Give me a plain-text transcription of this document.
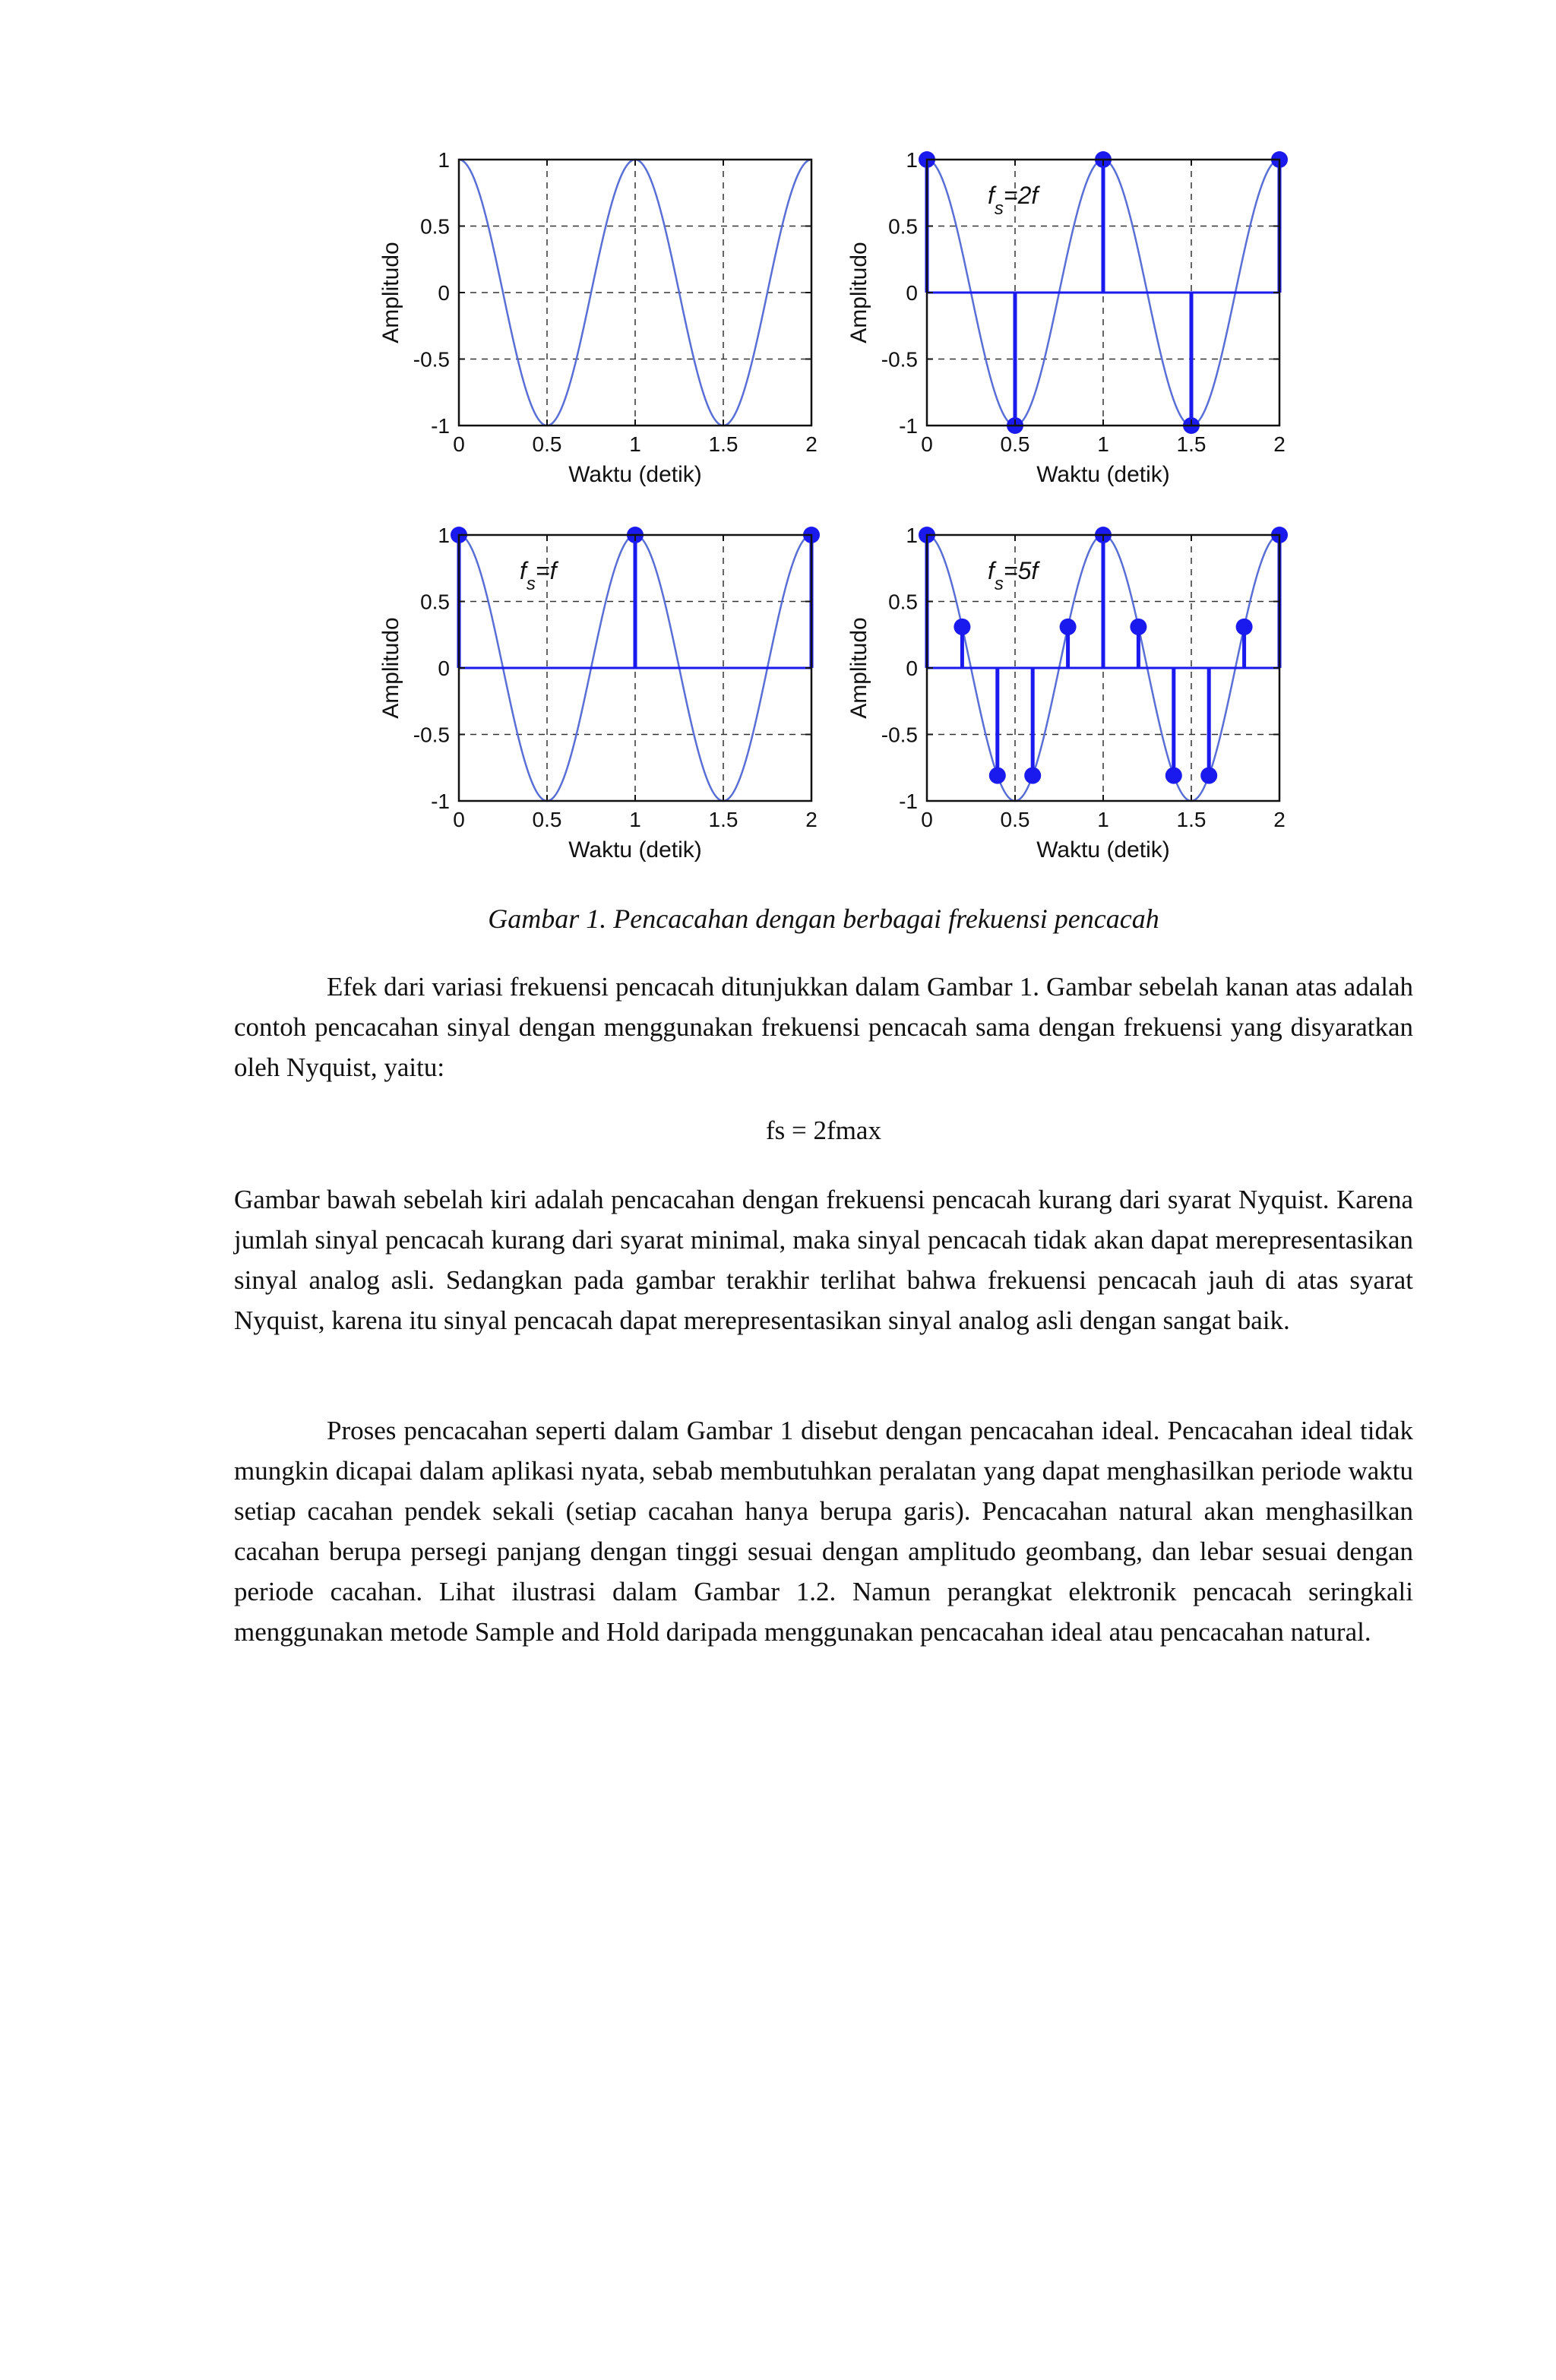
0	0.5	1	1.5	2
1
0.5
0
-0.5
-1
Waktu (detik)
Amplitudo
0	0.5	1	1.5	2
1
0.5
0
-0.5
-1
Waktu (detik)
Amplitudo
$f_s=2f$
0	0.5	1	1.5	2
1
0.5
0
-0.5
-1
Waktu (detik)
Amplitudo
$f_s=f$
0	0.5	1	1.5	2
1
0.5
0
-0.5
-1
Waktu (detik)
Amplitudo
$f_s=5f$
Gambar 1. Pencacahan dengan berbagai frekuensi pencacah

Efek dari variasi frekuensi pencacah ditunjukkan dalam Gambar 1. Gambar sebelah kanan atas adalah contoh pencacahan sinyal dengan menggunakan frekuensi pencacah sama dengan frekuensi yang disyaratkan oleh Nyquist, yaitu:

fs = 2fmax

Gambar bawah sebelah kiri adalah pencacahan dengan frekuensi pencacah kurang dari syarat Nyquist. Karena jumlah sinyal pencacah kurang dari syarat minimal, maka sinyal pencacah tidak akan dapat merepresentasikan sinyal analog asli. Sedangkan pada gambar terakhir terlihat bahwa frekuensi pencacah jauh di atas syarat Nyquist, karena itu sinyal pencacah dapat merepresentasikan sinyal analog asli dengan sangat baik.

Proses pencacahan seperti dalam Gambar 1 disebut dengan pencacahan ideal. Pencacahan ideal tidak mungkin dicapai dalam aplikasi nyata, sebab membutuhkan peralatan yang dapat menghasilkan periode waktu setiap cacahan pendek sekali (setiap cacahan hanya berupa garis). Pencacahan natural akan menghasilkan cacahan berupa persegi panjang dengan tinggi sesuai dengan amplitudo geombang, dan lebar sesuai dengan periode cacahan. Lihat ilustrasi dalam Gambar 1.2. Namun perangkat elektronik pencacah seringkali menggunakan metode Sample and Hold daripada menggunakan pencacahan ideal atau pencacahan natural.
